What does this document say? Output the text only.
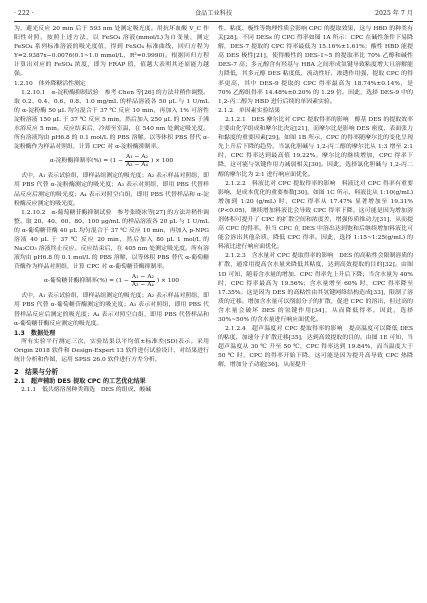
· 222 ·	食品工业科技	2025 年 7 月

为，避光反应 20 min 后于 593 nm 处测定吸光度。用抗坏血酸 V_C 作阳性对照。按照上述方法，以 FeSO₄ 溶液(mmol/L)为自变量，测定 FeSO₄ 系列标准溶液的吸光度值，得到 FeSO₄ 标准曲线，回归方程为 Y=2.9387x−0.0076(0.1~1.0 mmol/L，R²=0.9990)。根据回归方程计算出对应的 FeSO₄ 浓度，即为 FRAP 值，值越大表明其还原能力越强。

1.2.10　体外降糖活性测定

1.2.10.1　α-淀粉酶抑制试验　参考 Chen 等[26] 的方法并稍作调整。取 0.2、0.4、0.6、0.8、1.0 mg/mL 的样品溶液各 50 μL 与 1 U/mL 的 α-淀粉酶 50 μL 均匀混合于 37 ℃ 反应 10 min，再加入 1% 可溶性淀粉溶液 150 μL 于 37 ℃ 反应 5 min，然后加入 250 μL 的 DNS 于沸水浴反应 5 min。反应结束后，冷却至室温，在 540 nm 处测定吸光度。所有溶液均由 pH6.8 的 0.1 mol/L 的 PBS 溶解。以等体积 PBS 替代 α-淀粉酶作为样品对照组，计算 CPC 对 α-淀粉酶抑制率。

α-淀粉酶抑制率(%) = ($1 - \frac{\text{A₁ − A₂}}{\text{A₃ − A₄}}$ ) × 100

式中，A₁ 表示试验组，即样品组测定的吸光度；A₂ 表示样品对照组，即用 PBS 代替 α-淀粉酶测定的吸光度；A₃ 表示对照组，即用 PBS 代替样品反应后测定的吸光度；A₄ 表示对照空白组，即用 PBS 代替样品和 α-淀粉酶反应测定的吸光度。

1.2.10.2　α-葡萄糖苷酶抑制试验　参考张晓冰等[27] 的方法并稍作调整。取 20、40、60、80、100 μg/mL 的样品溶液各 20 μL 与 1 U/mL 的 α-葡萄糖苷酶 40 μL 均匀混合于 37 ℃ 反应 10 min，再加入 p-NPG 溶液 40 μL 于 37 ℃ 反应 20 min，然后加入 80 μL 1 mol/L 的 Na₂CO₃ 溶液终止反应。反应结束后，在 405 nm 处测定吸光度。所有溶液均由 pH6.8 的 0.1 mol/L 的 PBS 溶解，以等体积 PBS 替代 α-葡萄糖苷酶作为样品对照组，计算 CPC 对 α-葡萄糖苷酶抑制率。

α-葡萄糖苷酶抑制率(%) = ($1 - \frac{\text{A₁ − A₂}}{\text{A₃ − A₄}}$ ) × 100

式中，A₁ 表示试验组，即样品组测定的吸光度；A₂ 表示样品对照组，即用 PBS 代替 α-葡萄糖苷酶测定的吸光度；A₃ 表示对照组，即用 PBS 代替样品反应后测定的吸光度；A₄ 表示对照空白组，即用 PBS 代替样品和 α-葡萄糖苷酶反应测定的吸光度。

1.3　数据处理

所有实验平行测定三次，实验结果以平均值±标准差(SD)表示。采用 Origin 2018 软件和 Design-Expert 13 软件进行试验设计、对结果进行统计分析和作图，运用 SPSS 26.0 软件进行方差分析。

2　结果与分析
2.1　超声辅助 DES 提取 CPC 的工艺优化结果

2.1.1　低共熔溶剂种类筛选　DES 的组成、酸碱

性、粘度、极性等物理性质会影响 CPC 的提取效果，这与 HBD 的种类有关[28]。不同 DESs 的 CPC 得率如图 1A 所示：CPC 在碱性条件下易降解，DES-7 提取的 CPC 得率最低为 15.16%±1.61%；酸性 HBD 能提高 DES 极性[21]，使得酸性的 DES-1~5 的提取率比 70% 乙醇和碱性 DES-7 高；多元醇含有羟基与 HBA 之间形成氢键导致粘度增大且溶解能力降低，其多元醇 DES 粘度低、流动性好、渗透作用强，提取 CPC 的得率更高，其中 DES-9 提取的 CPC 得率最高为 18.74%±0.14%，是 70% 乙醇组得率 14.48%±0.20% 的 1.29 倍。因此，选择 DES-9 中的 1,2-丙二醇为 HBD 进行后续的单因素实验。

2.1.2　单因素实验结果

2.1.2.1　DES 摩尔比对 CPC 提取得率的影响　醇基 DES 的提取效率主要由化学组成和摩尔比决定[21]，而摩尔比是影响 DES 密度、表面张力和黏度的重要因素[29]。如图 1B 所示，CPC 的得率随摩尔比的变化呈现先上升后下降的趋势。当氯化胆碱与 1,2-丙二醇的摩尔比从 1:3 增至 2:1 时，CPC 得率达到最高值 19.22%。摩尔比的继续增加，CPC 得率下降，这可能与氢键作用力减弱相关[30]。因此，选择氯化胆碱与 1,2-丙二醇的摩尔比为 2:1 进行响应面优化。

2.1.2.2　料液比对 CPC 提取得率的影响　料液比对 CPC 得率有重要影响，是成本优化的重要参数[30]。如图 1C 所示，料液比从 1:10(g/mL) 增加到 1:20 (g/mL) 时，CPC 得率从 17.47% 显著增加至 19.31% (P<0.05)，继续增加料液比会导致 CPC 得率下降。这可能是因为增加溶剂体积可提升了 CPC 的扩散空间和浓度差，增强传质推动力[31]，从而提高 CPC 的得率。但当 CPC 在 DES 中溶出达到饱和后继续增加料液比可能会溶出其他杂质，降低 CPC 得率。因此，选择 1:15~1:25(g/mL) 的料液比进行响应面优化。

2.1.2.3　含水量对 CPC 提取得率的影响　DES 的高粘性会限制溶质的扩散，通常用提高含水量来降低其粘度，达到高效提取的目的[32]。由图 1D 可知，随着含水量的增加，CPC 得率先上升后下降；当含水量为 40% 时，CPC 得率最高为 19.56%；含水量增至 60% 时，CPC 得率降至 17.35%。这是因为 DES 的高粘性由其氢键网络结构造成[33]，限制了溶质的迁移。增加含水量可以削弱分子的扩散，促进 CPC 的溶出，但过高的含水量会破坏 DES 的氢键作用[34]，从而降低得率。因此，选择 30%~50% 的含水量进行响应面优化。

2.1.2.4　超声温度对 CPC 提取得率的影响　提高温度可以降低 DES 的粘度，加速分子扩散迁移[35]，达到高效提取的目的。由图 1E 可知，当超声温度从 30 ℃ 升至 50 ℃，CPC 得率达到 19.84%，而当温度大于 50 ℃ 时，CPC 的得率开始下降。这可能是因为提升高导致 CPC 热降解，增加分子动能[36]，从而提升
